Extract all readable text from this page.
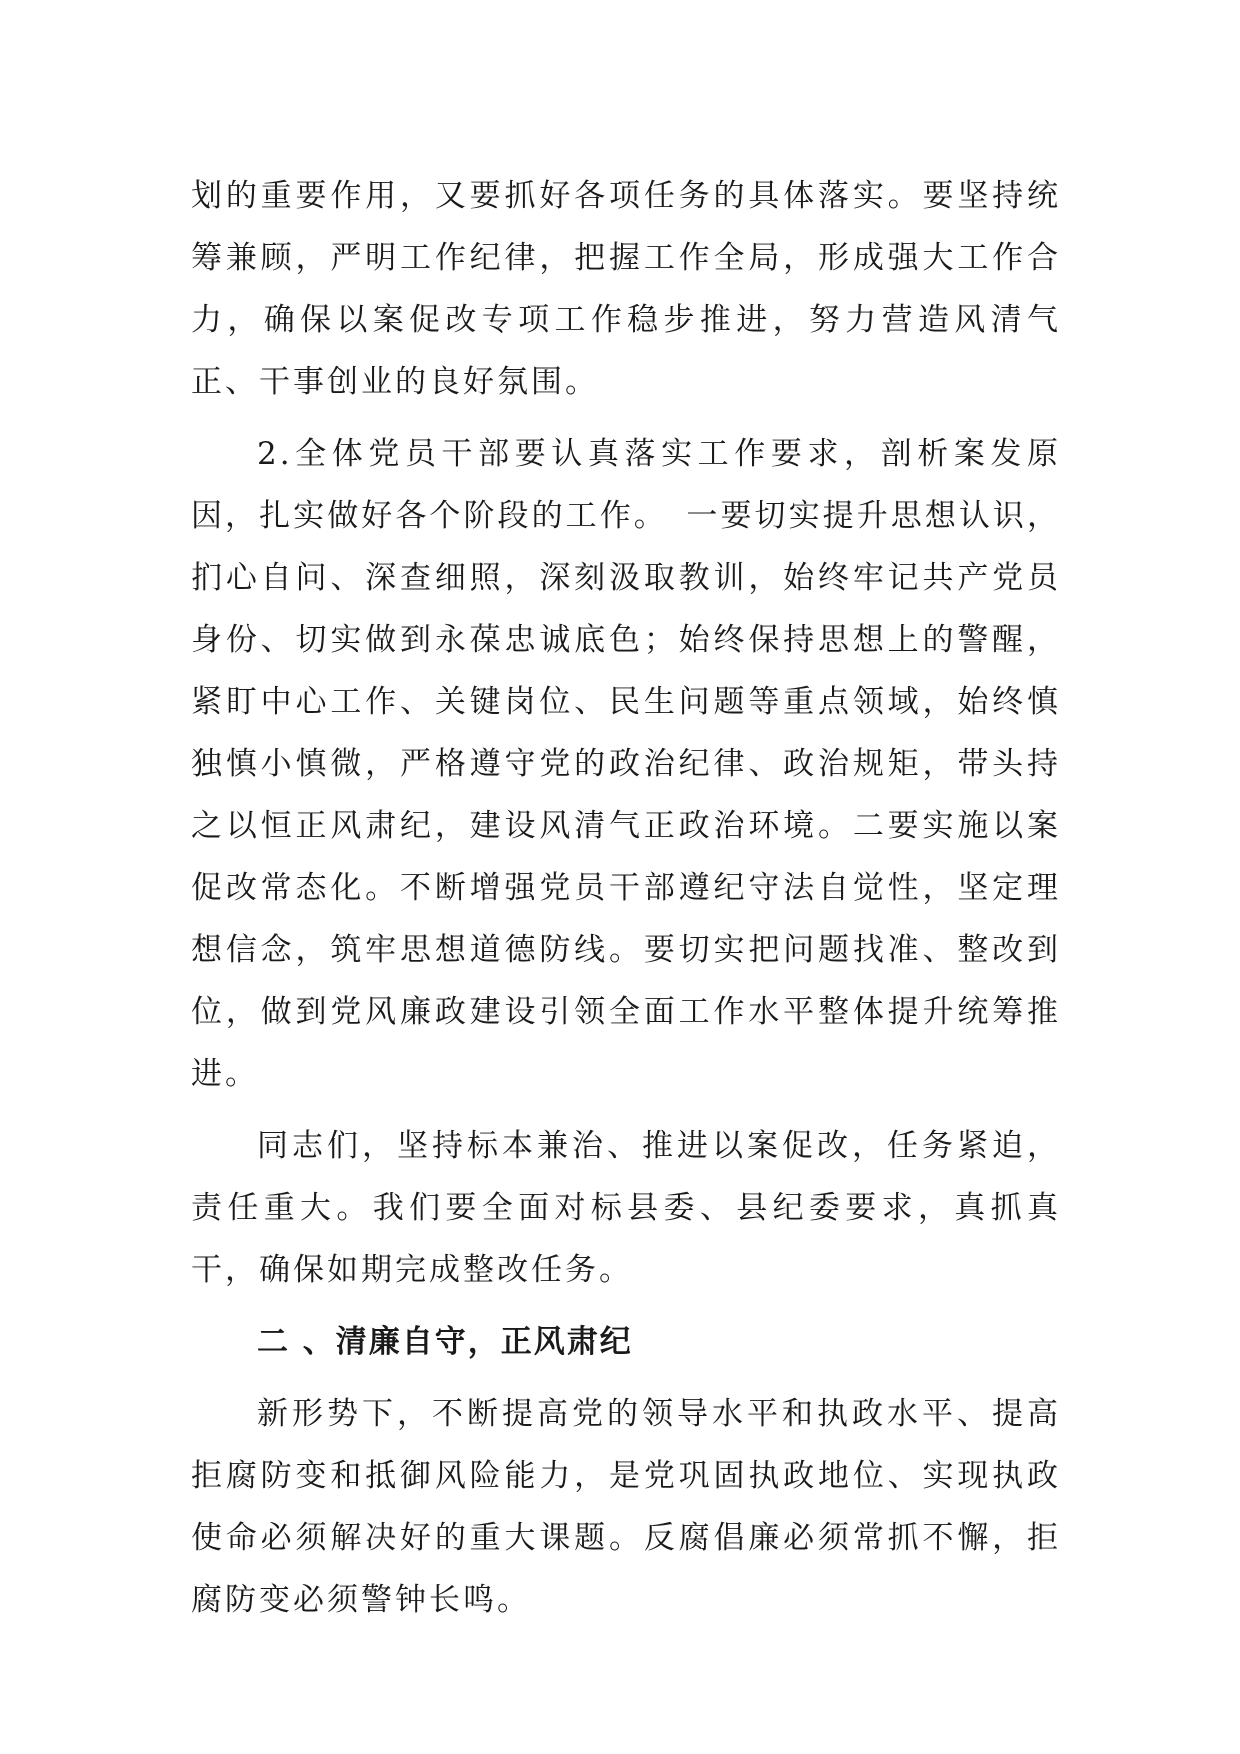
划的重要作用，又要抓好各项任务的具体落实。要坚持统筹兼顾，严明工作纪律，把握工作全局，形成强大工作合力，确保以案促改专项工作稳步推进，努力营造风清气正、干事创业的良好氛围。

2.全体党员干部要认真落实工作要求，剖析案发原因，扎实做好各个阶段的工作。　一要切实提升思想认识，扪心自问、深查细照，深刻汲取教训，始终牢记共产党员身份、切实做到永葆忠诚底色；始终保持思想上的警醒，紧盯中心工作、关键岗位、民生问题等重点领域，始终慎独慎小慎微，严格遵守党的政治纪律、政治规矩，带头持之以恒正风肃纪，建设风清气正政治环境。二要实施以案促改常态化。不断增强党员干部遵纪守法自觉性，坚定理想信念，筑牢思想道德防线。要切实把问题找准、整改到位，做到党风廉政建设引领全面工作水平整体提升统筹推进。

同志们，坚持标本兼治、推进以案促改，任务紧迫，责任重大。我们要全面对标县委、县纪委要求，真抓真干，确保如期完成整改任务。

二 、清廉自守，正风肃纪

新形势下，不断提高党的领导水平和执政水平、提高拒腐防变和抵御风险能力，是党巩固执政地位、实现执政使命必须解决好的重大课题。反腐倡廉必须常抓不懈，拒腐防变必须警钟长鸣。
